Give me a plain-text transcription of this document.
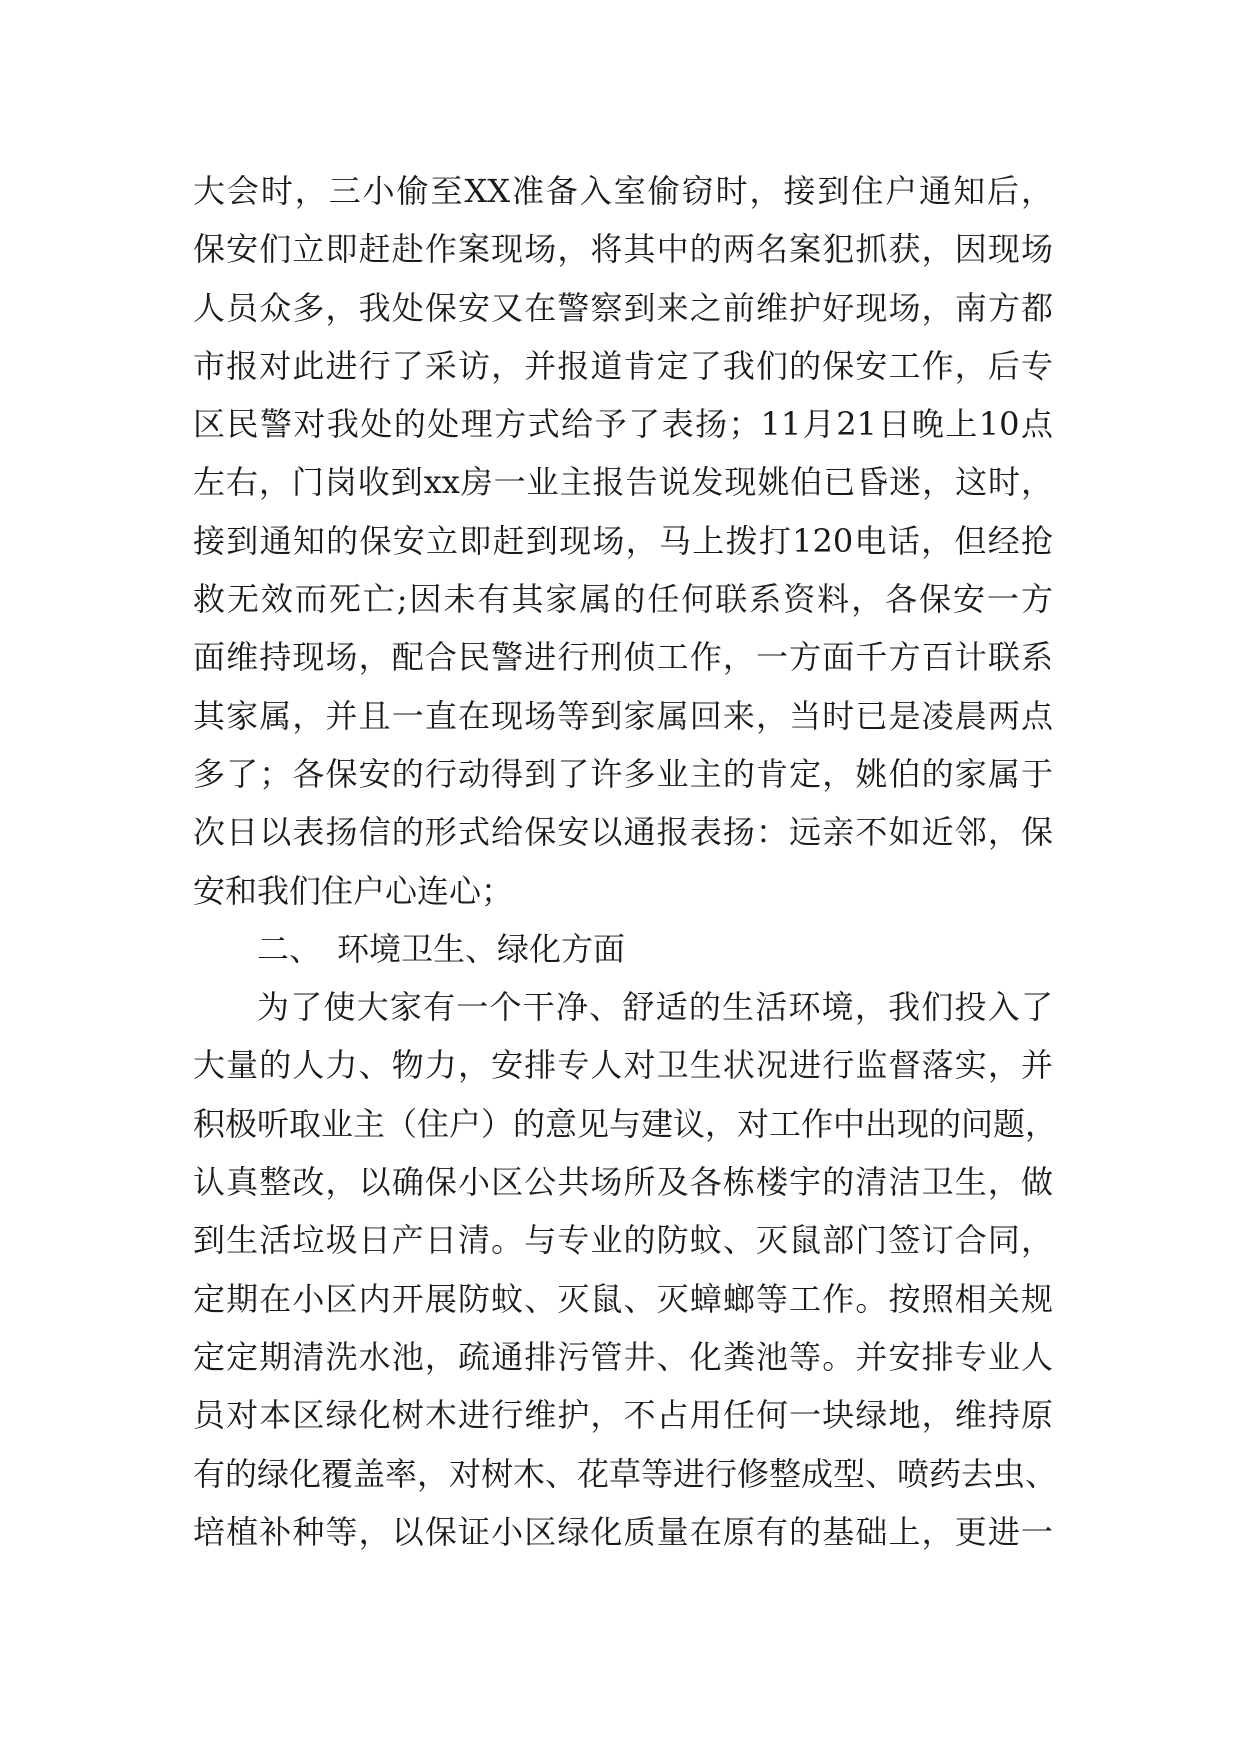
大会时，三小偷至XX准备入室偷窃时，接到住户通知后，
保安们立即赶赴作案现场，将其中的两名案犯抓获，因现场
人员众多，我处保安又在警察到来之前维护好现场，南方都
市报对此进行了采访，并报道肯定了我们的保安工作，后专
区民警对我处的处理方式给予了表扬；11月21日晚上10点
左右，门岗收到xx房一业主报告说发现姚伯已昏迷，这时，
接到通知的保安立即赶到现场，马上拨打120电话，但经抢
救无效而死亡;因未有其家属的任何联系资料，各保安一方
面维持现场，配合民警进行刑侦工作，一方面千方百计联系
其家属，并且一直在现场等到家属回来，当时已是凌晨两点
多了；各保安的行动得到了许多业主的肯定，姚伯的家属于
次日以表扬信的形式给保安以通报表扬：远亲不如近邻，保
安和我们住户心连心；
二、　环境卫生、绿化方面
为了使大家有一个干净、舒适的生活环境，我们投入了
大量的人力、物力，安排专人对卫生状况进行监督落实，并
积极听取业主（住户）的意见与建议，对工作中出现的问题，
认真整改，以确保小区公共场所及各栋楼宇的清洁卫生，做
到生活垃圾日产日清。与专业的防蚊、灭鼠部门签订合同，
定期在小区内开展防蚊、灭鼠、灭蟑螂等工作。按照相关规
定定期清洗水池，疏通排污管井、化粪池等。并安排专业人
员对本区绿化树木进行维护，不占用任何一块绿地，维持原
有的绿化覆盖率，对树木、花草等进行修整成型、喷药去虫、
培植补种等，以保证小区绿化质量在原有的基础上，更进一
